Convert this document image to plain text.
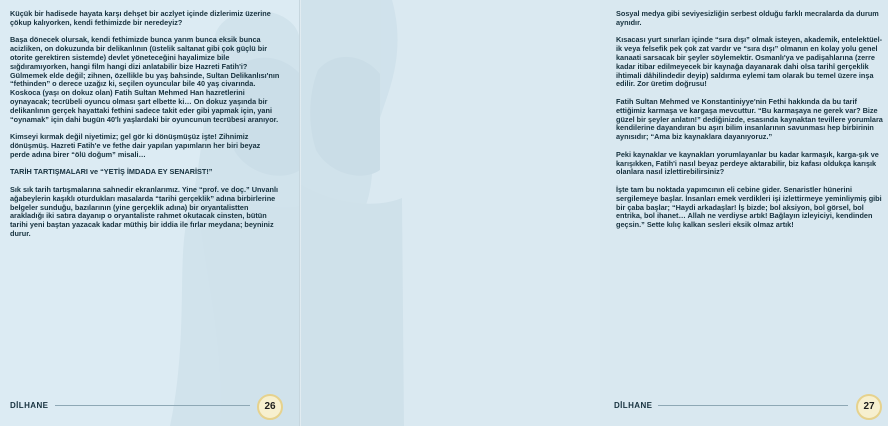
Küçük bir hadisede hayata karşı dehşet bir aczlyet içinde dizlerimiz üzerine çökup kalıyorken, kendi fethimizde bir neredeyiz?

Başa dönecek olursak, kendi fethimizde bunca yarım bunca eksik bunca acizliken, on dokuzunda bir delikanlının (üstelik saltanat gibi çok güçlü bir otorite gerektiren sistemde) devlet yöneteceğini hayalimize bile sığdıramıyorken, hangi film hangi dizi anlatabilir bize Hazreti Fatih'i? Gülmemek elde değil; zihnen, özellikle bu yaş bahsinde, Sultan Delikanlısı'nın “fethinden” o derece uzağız ki, seçilen oyuncular bile 40 yaş civarında. Koskoca (yaşı on dokuz olan) Fatih Sultan Mehmed Han hazretlerini oynayacak; tecrübeli oyuncu olması şart elbette ki… On dokuz yaşında bir delikanlının gerçek hayattaki fethini sadece takit eder gibi yapmak için, yani “oynamak” için dahi bugün 40'lı yaşlardaki bir oyuncunun tecrübesi aranıyor.

Kimseyi kırmak değil niyetimiz; gel gör ki dönüşmüşüz işte! Zihnimiz dönüşmüş. Hazreti Fatih'e ve fethe dair yapılan yapımların her biri beyaz perde adına birer “ölü doğum” misali…

TARİH TARTIŞMALARI ve “YETİŞ İMDADA EY SENARİST!”

Sık sık tarih tartışmalarına sahnedir ekranlarımız. Yine “prof. ve doç.” Unvanlı ağabeylerin kaşıklı oturdukları masalarda “tarihi gerçeklik” adına birbirlerine belgeler sunduğu, bazılarının (yine gerçeklik adına) bir oryantalistten arakladığı iki satıra dayanıp o oryantaliste rahmet okutacak cinsten, bütün tarihi yeni baştan yazacak kadar müthiş bir iddia ile fırlar meydana; beyniniz durur.

DİLHANE	26

Sosyal medya gibi seviyesizliğin serbest olduğu farklı mecralarda da durum aynıdır.

Kısacası yurt sınırları içinde “sıra dışı” olmak isteyen, akademik, entelektüel-ik veya felsefik pek çok zat vardır ve “sıra dışı” olmanın en kolay yolu genel kanaati sarsacak bir şeyler söylemektir. Osmanlı'ya ve padişahlarına (zerre kadar itibar edilmeyecek bir kaynağa dayanarak dahi olsa tarihî gerçeklik ihtimali dâhilindedir deyip) saldırma eylemi tam olarak bu temel üzere inşa edilir. Zor üretim doğrusu!

Fatih Sultan Mehmed ve Konstantiniyye'nin Fethi hakkında da bu tarif ettiğimiz karmaşa ve kargaşa mevcuttur. “Bu karmaşaya ne gerek var? Bize güzel bir şeyler anlatın!” dediğinizde, esasında kaynaktan tevillere yorumlara kendilerine dayandıran bu aşırı bilim insanlarının savunması hep birbirinin aynısıdır; “Ama biz kaynaklara dayanıyoruz.”

Peki kaynaklar ve kaynakları yorumlayanlar bu kadar karmaşık, karga-şık ve karışıkken, Fatih'i nasıl beyaz perdeye aktarabilir, biz kafası oldukça karışık olanlara nasıl izlettirebilirsiniz?

İşte tam bu noktada yapımcının eli cebine gider. Senaristler hünerini sergilemeye başlar. İnsanları emek verdikleri işi izlettirmeye yeminliymiş gibi bir çaba başlar; “Haydi arkadaşlar! İş bizde; bol aksiyon, bol görsel, bol entrika, bol ihanet… Allah ne verdiyse artık! Bağlayın izleyiciyi, kendinden geçsin.” Sette kılıç kalkan sesleri eksik olmaz artık!

DİLHANE	27
